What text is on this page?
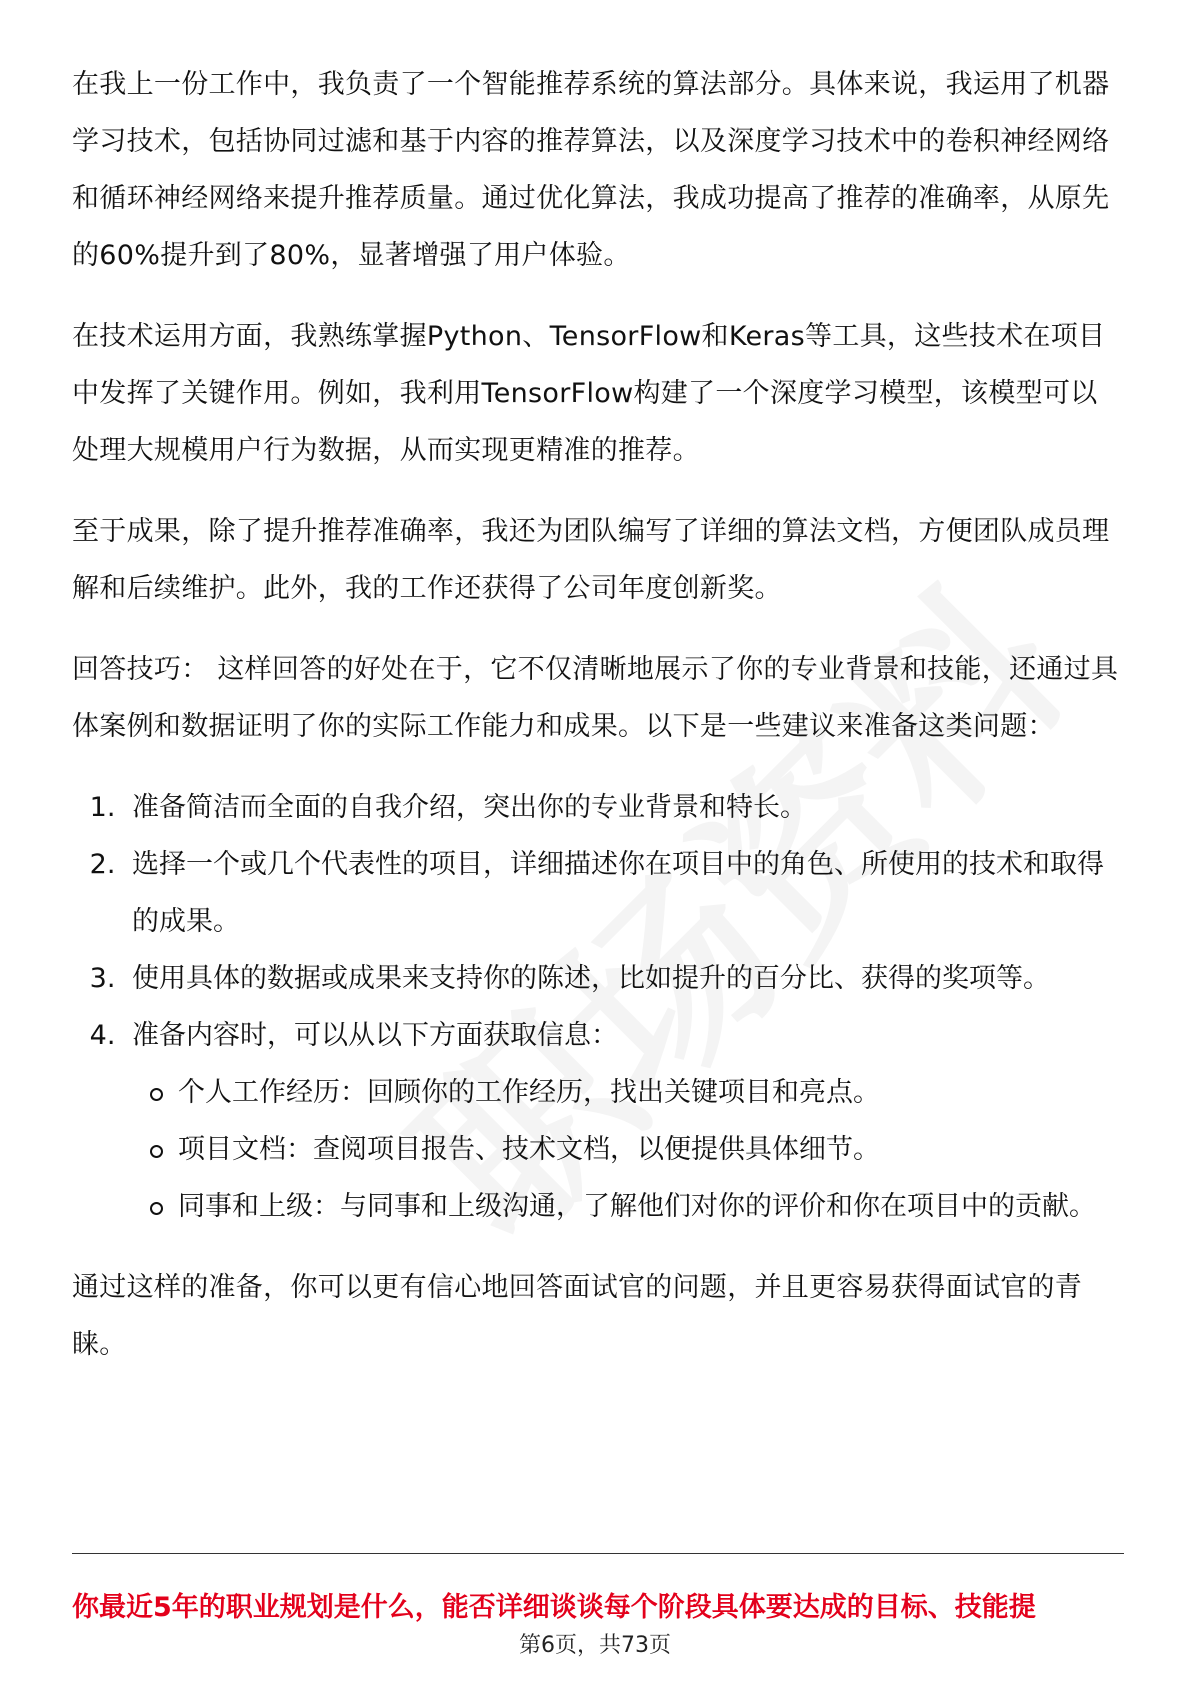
在我上一份工作中，我负责了一个智能推荐系统的算法部分。具体来说，我运用了机器学习技术，包括协同过滤和基于内容的推荐算法，以及深度学习技术中的卷积神经网络和循环神经网络来提升推荐质量。通过优化算法，我成功提高了推荐的准确率，从原先的60%提升到了80%，显著增强了用户体验。

在技术运用方面，我熟练掌握Python、TensorFlow和Keras等工具，这些技术在项目中发挥了关键作用。例如，我利用TensorFlow构建了一个深度学习模型，该模型可以处理大规模用户行为数据，从而实现更精准的推荐。

至于成果，除了提升推荐准确率，我还为团队编写了详细的算法文档，方便团队成员理解和后续维护。此外，我的工作还获得了公司年度创新奖。

回答技巧： 这样回答的好处在于，它不仅清晰地展示了你的专业背景和技能，还通过具体案例和数据证明了你的实际工作能力和成果。以下是一些建议来准备这类问题：

1. 准备简洁而全面的自我介绍，突出你的专业背景和特长。
2. 选择一个或几个代表性的项目，详细描述你在项目中的角色、所使用的技术和取得的成果。
3. 使用具体的数据或成果来支持你的陈述，比如提升的百分比、获得的奖项等。
4. 准备内容时，可以从以下方面获取信息：
个人工作经历：回顾你的工作经历，找出关键项目和亮点。
项目文档：查阅项目报告、技术文档，以便提供具体细节。
同事和上级：与同事和上级沟通，了解他们对你的评价和你在项目中的贡献。

通过这样的准备，你可以更有信心地回答面试官的问题，并且更容易获得面试官的青睐。

你最近5年的职业规划是什么，能否详细谈谈每个阶段具体要达成的目标、技能提
第6页，共73页
